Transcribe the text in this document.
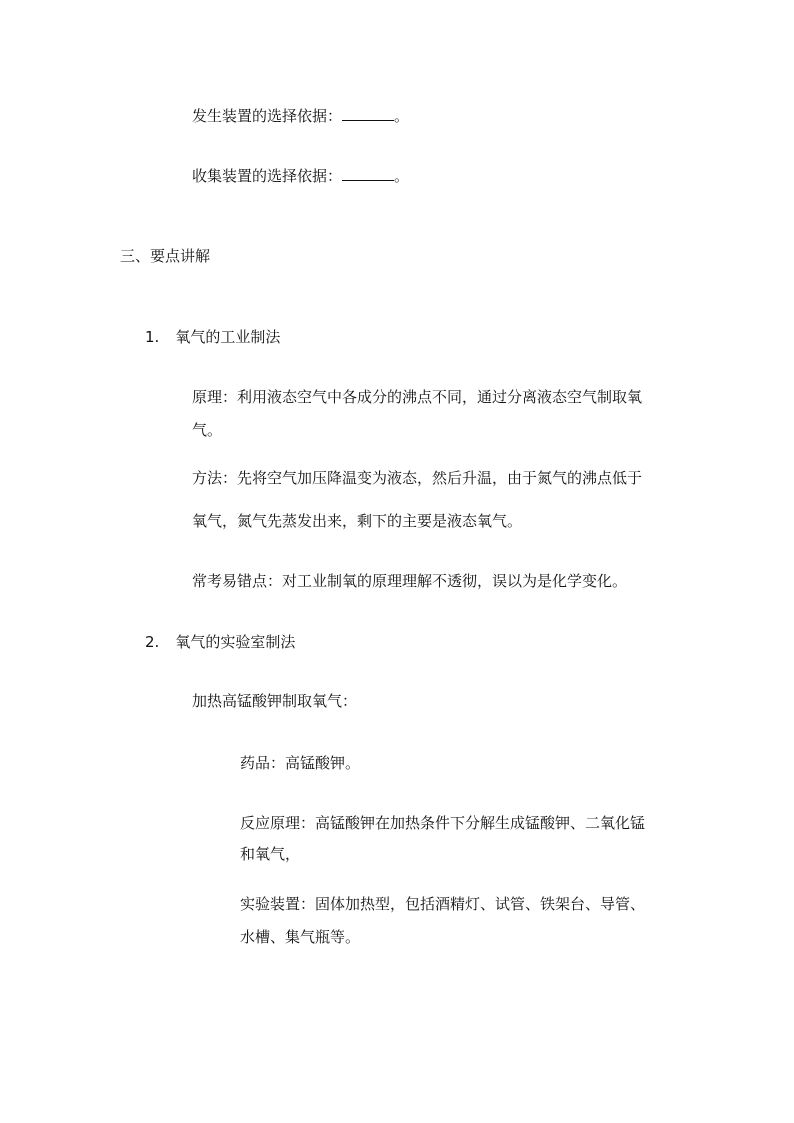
发生装置的选择依据：	。
收集装置的选择依据：	。
三、要点讲解
1. 氧气的工业制法
原理：利用液态空气中各成分的沸点不同，通过分离液态空气制取氧
气。
方法：先将空气加压降温变为液态，然后升温，由于氮气的沸点低于
氧气，氮气先蒸发出来，剩下的主要是液态氧气。
常考易错点：对工业制氧的原理理解不透彻，误以为是化学变化。
2. 氧气的实验室制法
加热高锰酸钾制取氧气：
药品：高锰酸钾。
反应原理：高锰酸钾在加热条件下分解生成锰酸钾、二氧化锰
和氧气，
实验装置：固体加热型，包括酒精灯、试管、铁架台、导管、
水槽、集气瓶等。
